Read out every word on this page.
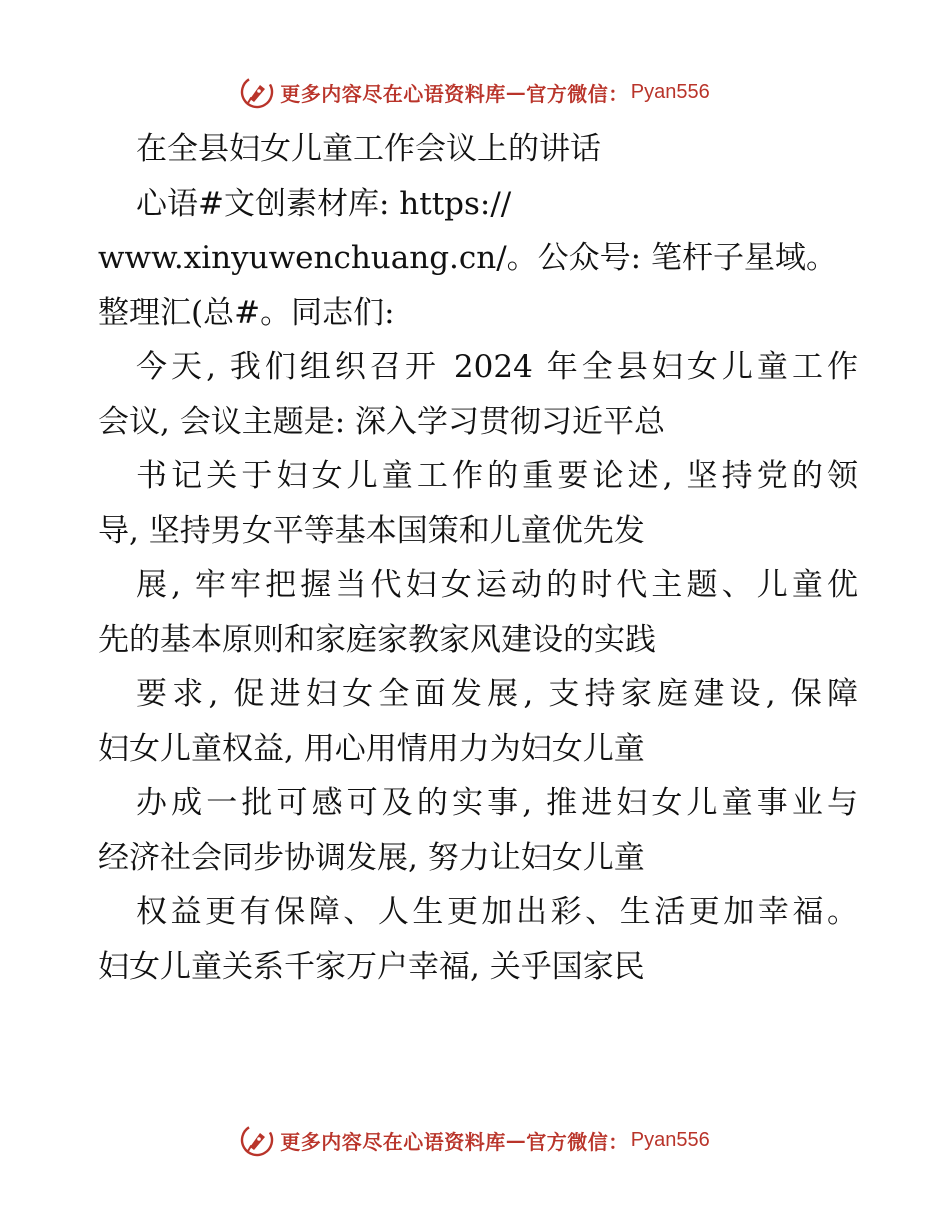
更多内容尽在心语资料库 — 官方微信： Pyan556
在全县妇女儿童工作会议上的讲话
心语#文创素材库: https://
www.xinyuwenchuang.cn/。公众号: 笔杆子星域。
整理汇(总#。同志们:
今天, 我们组织召开 2024 年全县妇女儿童工作
会议, 会议主题是: 深入学习贯彻习近平总
书记关于妇女儿童工作的重要论述, 坚持党的领
导, 坚持男女平等基本国策和儿童优先发
展, 牢牢把握当代妇女运动的时代主题、儿童优
先的基本原则和家庭家教家风建设的实践
要求, 促进妇女全面发展, 支持家庭建设, 保障
妇女儿童权益, 用心用情用力为妇女儿童
办成一批可感可及的实事, 推进妇女儿童事业与
经济社会同步协调发展, 努力让妇女儿童
权益更有保障、人生更加出彩、生活更加幸福。
妇女儿童关系千家万户幸福, 关乎国家民
更多内容尽在心语资料库 — 官方微信： Pyan556
